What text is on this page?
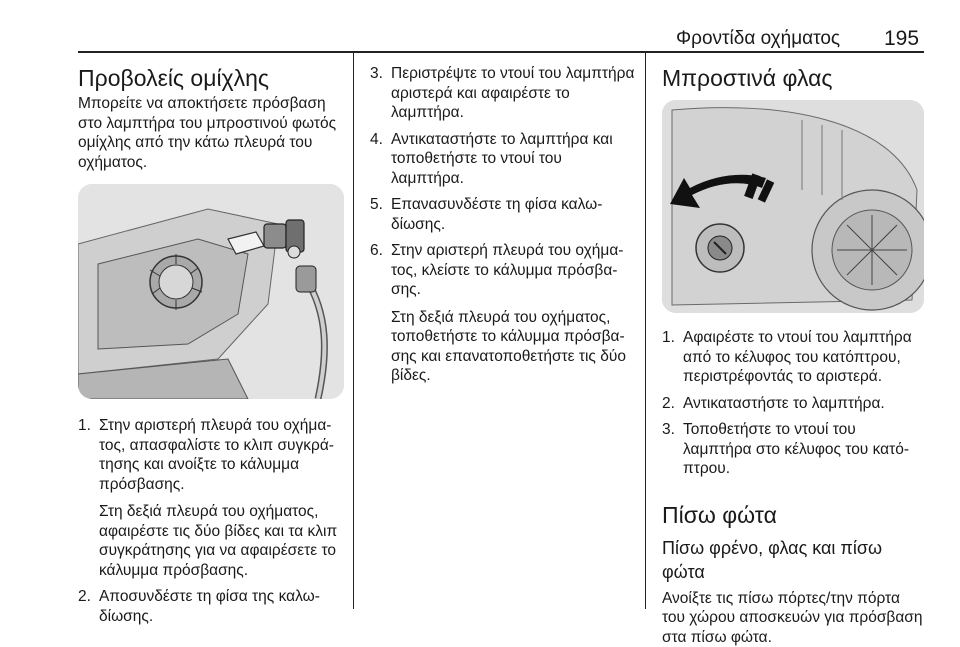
Φροντίδα οχήματος 195
Προβολείς ομίχλης

Μπορείτε να αποκτήσετε πρόσβαση στο λαμπτήρα του μπροστινού φωτός ομίχλης από την κάτω πλευρά του οχήματος.

1. Στην αριστερή πλευρά του οχήματος, απασφαλίστε το κλιπ συγκράτησης και ανοίξτε το κάλυμμα πρόσβασης.
Στη δεξιά πλευρά του οχήματος, αφαιρέστε τις δύο βίδες και τα κλιπ συγκράτησης για να αφαιρέσετε το κάλυμμα πρόσβασης.
2. Αποσυνδέστε τη φίσα της καλωδίωσης.
3. Περιστρέψτε το ντουί του λαμπτήρα αριστερά και αφαιρέστε το λαμπτήρα.
4. Αντικαταστήστε το λαμπτήρα και τοποθετήστε το ντουί του λαμπτήρα.
5. Επανασυνδέστε τη φίσα καλωδίωσης.
6. Στην αριστερή πλευρά του οχήματος, κλείστε το κάλυμμα πρόσβασης.
Στη δεξιά πλευρά του οχήματος, τοποθετήστε το κάλυμμα πρόσβασης και επανατοποθετήστε τις δύο βίδες.
Μπροστινά φλας
1. Αφαιρέστε το ντουί του λαμπτήρα από το κέλυφος του κατόπτρου, περιστρέφοντάς το αριστερά.
2. Αντικαταστήστε το λαμπτήρα.
3. Τοποθετήστε το ντουί του λαμπτήρα στο κέλυφος του κατόπτρου.
Πίσω φώτα
Πίσω φρένο, φλας και πίσω φώτα

Ανοίξτε τις πίσω πόρτες/την πόρτα του χώρου αποσκευών για πρόσβαση στα πίσω φώτα.
